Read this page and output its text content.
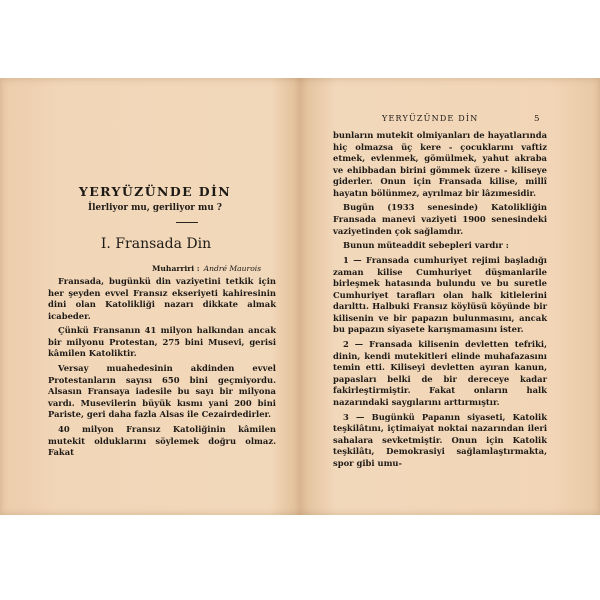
YERYÜZÜNDE DİN
İlerliyor mu, geriliyor mu ?
I. Fransada Din
Muharriri : André Maurois

Fransada, bugünkü din vaziyetini tetkik için her şeyden evvel Fransız ekseriyeti kahiresinin dini olan Katolikliği nazarı dikkate almak icabeder.

Çünkü Fransanın 41 milyon halkından ancak bir milyonu Protestan, 275 bini Musevi, gerisi kâmilen Katoliktir.

Versay muahedesinin akdinden evvel Protestanların sayısı 650 bini geçmiyordu. Alsasın Fransaya iadesile bu sayı bir milyona vardı. Musevilerin büyük kısmı yani 200 bini Pariste, geri daha fazla Alsas ile Cezairdedirler.

40 milyon Fransız Katoliğinin kâmilen mutekit olduklarını söylemek doğru olmaz. Fakat

YERYÜZÜNDE DİN	5

bunların mutekit olmiyanları de hayatlarında hiç olmazsa üç kere - çocuklarını vaftiz etmek, evlenmek, gömülmek, yahut akraba ve ehibbadan birini gömmek üzere - kiliseye giderler. Onun için Fransada kilise, millî hayatın bölünmez, ayrılmaz bir lâzımesidir.

Bugün (1933 senesinde) Katolikliğin Fransada manevi vaziyeti 1900 senesindeki vaziyetinden çok sağlamdır.

Bunun müteaddit sebepleri vardır :

1 — Fransada cumhuriyet rejimi başladığı zaman kilise Cumhuriyet düşmanlarile birleşmek hatasında bulundu ve bu suretle Cumhuriyet tarafları olan halk kitlelerini darılttı. Halbuki Fransız köylüsü köyünde bir kilisenin ve bir papazın bulunmasını, ancak bu papazın siyasete karışmamasını ister.

2 — Fransada kilisenin devletten tefriki, dinin, kendi mutekitleri elinde muhafazasını temin etti. Kiliseyi devletten ayıran kanun, papasları belki de bir dereceye kadar fakirleştirmiştir. Fakat onların halk nazarındaki saygılarını arttırmıştır.

3 — Bugünkü Papanın siyaseti, Katolik teşkilâtını, içtimaiyat noktai nazarından ileri sahalara sevketmiştir. Onun için Katolik teşkilâtı, Demokrasiyi sağlamlaştırmakta, spor gibi umu-
